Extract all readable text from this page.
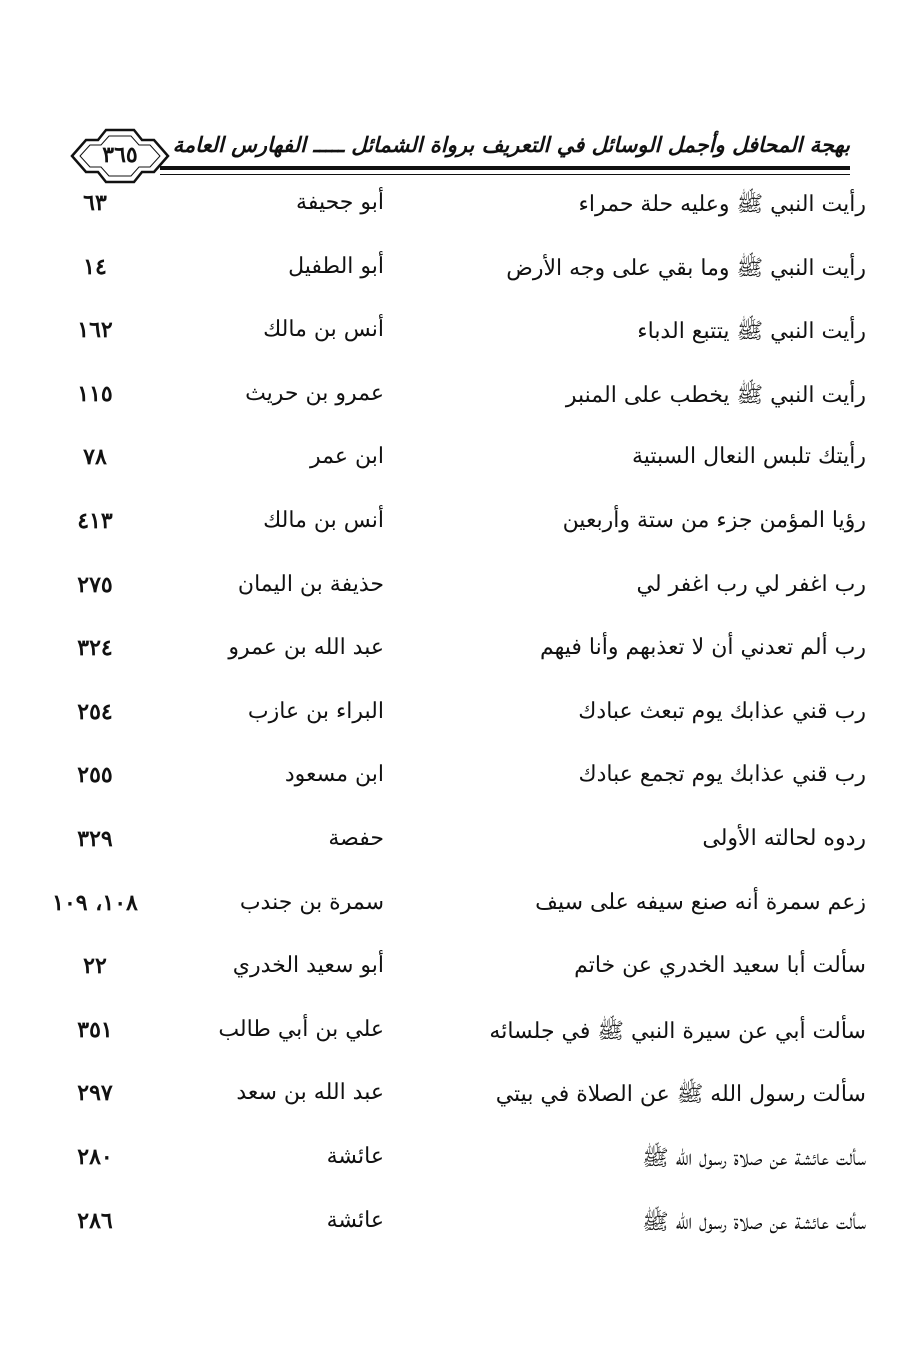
بهجة المحافل وأجمل الوسائل في التعريف برواة الشمائل ـــــ الفهارس العامة
٣٦٥
رأيت النبي ﷺ وعليه حلة حمراء
أبو جحيفة
٦٣
رأيت النبي ﷺ وما بقي على وجه الأرض
أبو الطفيل
١٤
رأيت النبي ﷺ يتتبع الدباء
أنس بن مالك
١٦٢
رأيت النبي ﷺ يخطب على المنبر
عمرو بن حريث
١١٥
رأيتك تلبس النعال السبتية
ابن عمر
٧٨
رؤيا المؤمن جزء من ستة وأربعين
أنس بن مالك
٤١٣
رب اغفر لي رب اغفر لي
حذيفة بن اليمان
٢٧٥
رب ألم تعدني أن لا تعذبهم وأنا فيهم
عبد الله بن عمرو
٣٢٤
رب قني عذابك يوم تبعث عبادك
البراء بن عازب
٢٥٤
رب قني عذابك يوم تجمع عبادك
ابن مسعود
٢٥٥
ردوه لحالته الأولى
حفصة
٣٢٩
زعم سمرة أنه صنع سيفه على سيف
سمرة بن جندب
١٠٨، ١٠٩
سألت أبا سعيد الخدري عن خاتم
أبو سعيد الخدري
٢٢
سألت أبي عن سيرة النبي ﷺ في جلسائه
علي بن أبي طالب
٣٥١
سألت رسول الله ﷺ عن الصلاة في بيتي
عبد الله بن سعد
٢٩٧
سألت عائشة عن صلاة رسول الله ﷺ
عائشة
٢٨٠
سألت عائشة عن صلاة رسول الله ﷺ
عائشة
٢٨٦
